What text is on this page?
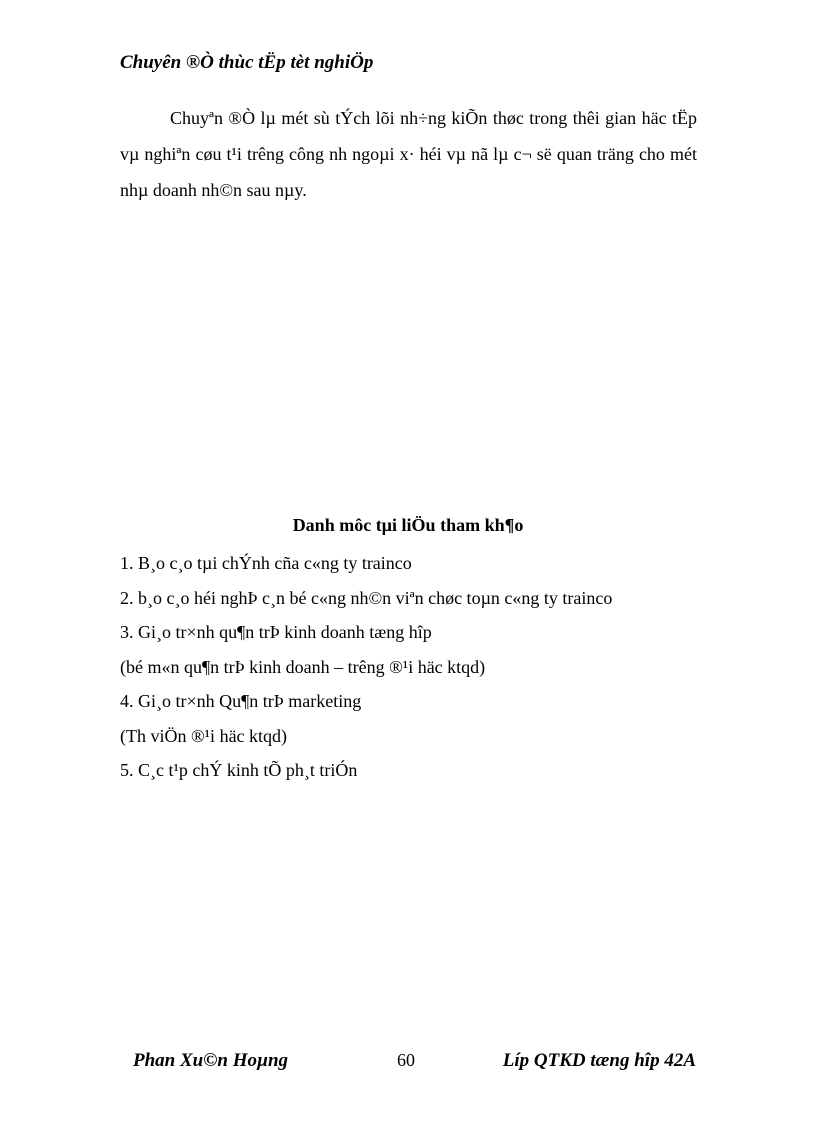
Chuyên ®Ò thùc tËp tèt nghiÖp

Chuyªn ®Ò lµ mét sù tÝch lõi nh÷ng kiÕn thøc trong thêi gian häc tËp vµ nghiªn cøu t¹i trêng công nh ngoµi x· héi vµ nã lµ c¬ së quan träng cho mét nhµ doanh nh©n sau nµy.

Danh môc tµi liÖu tham kh¶o
1. B¸o c¸o tµi chÝnh cña c«ng ty trainco
2. b¸o c¸o héi nghÞ c¸n bé c«ng nh©n viªn chøc toµn c«ng ty trainco
3. Gi¸o tr×nh qu¶n trÞ kinh doanh tæng hîp
(bé m«n qu¶n trÞ kinh doanh – trêng ®¹i häc ktqd)
4. Gi¸o tr×nh Qu¶n trÞ marketing
(Th viÖn ®¹i häc ktqd)
5. C¸c t¹p chÝ kinh tÕ ph¸t triÓn
Phan Xu©n Hoµng	60	Líp QTKD tæng hîp 42A
